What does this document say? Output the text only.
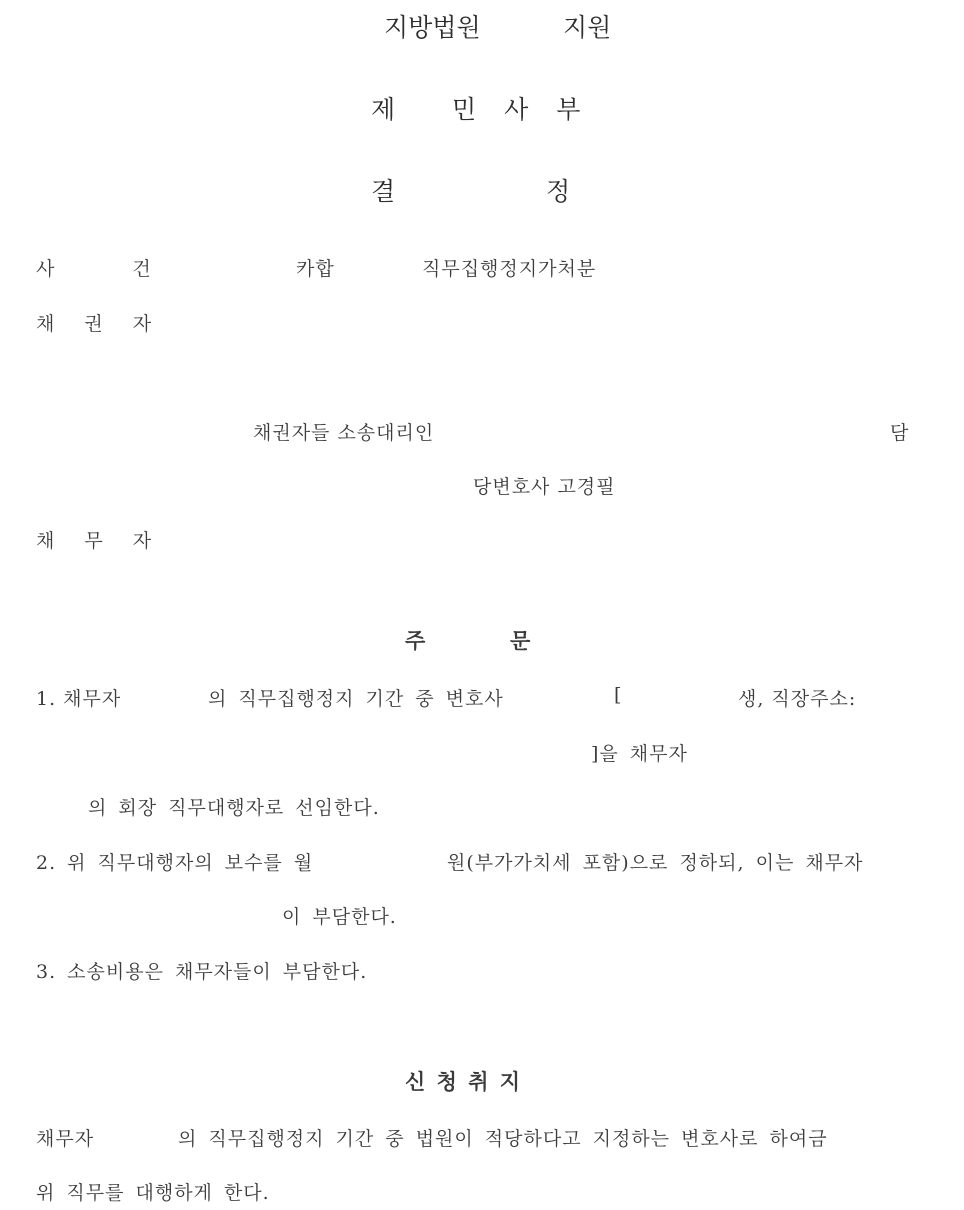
지방법원	지원
제 민 사 부
결	정
사 건	카합	직무집행정지가처분
채 권 자
채권자들 소송대리인	담
당변호사 고경필
채 무 자
주	문
1. 채무자	의 직무집행정지 기간 중 변호사	[	생, 직장주소:
]을 채무자
의 회장 직무대행자로 선임한다.
2. 위 직무대행자의 보수를 월	원(부가가치세 포함)으로 정하되, 이는 채무자
이 부담한다.
3. 소송비용은 채무자들이 부담한다.
신 청 취 지
채무자	의 직무집행정지 기간 중 법원이 적당하다고 지정하는 변호사로 하여금
위 직무를 대행하게 한다.
